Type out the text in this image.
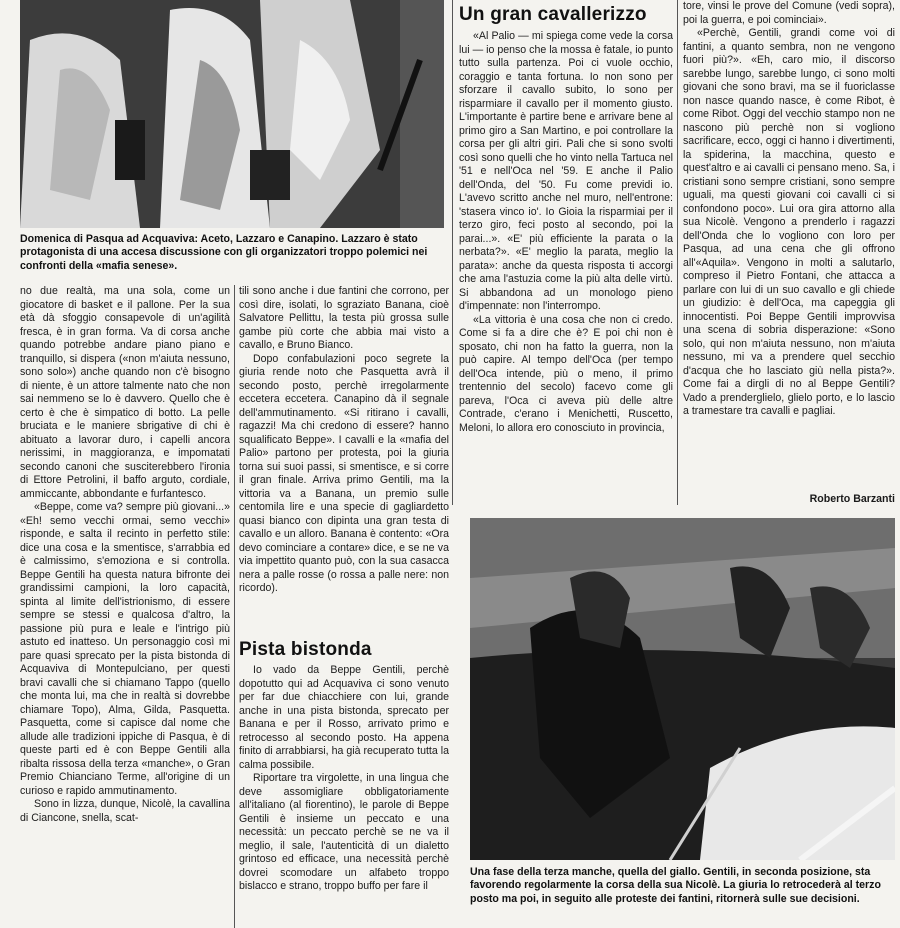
Domenica di Pasqua ad Acquaviva: Aceto, Lazzaro e Canapino. Lazzaro è stato protagonista di una accesa discussione con gli organizzatori troppo polemici nei confronti della «mafia senese».

no due realtà, ma una sola, come un giocatore di basket e il pallone. Per la sua età dà sfoggio consapevole di un'agilità fresca, è in gran forma. Va di corsa anche quando potrebbe andare piano piano e tranquillo, si dispera («non m'aiuta nessuno, sono solo») anche quando non c'è bisogno di niente, è un attore talmente nato che non sai nemmeno se lo è davvero. Quello che è certo è che è simpatico di botto. La pelle bruciata e le maniere sbrigative di chi è abituato a lavorar duro, i capelli ancora nerissimi, in maggioranza, e impomatati secondo canoni che susciterebbero l'ironia di Ettore Petrolini, il baffo arguto, cordiale, ammiccante, abbondante e furfantesco.

«Beppe, come va? sempre più giovani...» «Eh! semo vecchi ormai, semo vecchi» risponde, e salta il recinto in perfetto stile: dice una cosa e la smentisce, s'arrabbia ed è calmissimo, s'emoziona e si controlla. Beppe Gentili ha questa natura bifronte dei grandissimi campioni, la loro capacità, spinta al limite dell'istrionismo, di essere sempre se stessi e qualcosa d'altro, la passione più pura e leale e l'intrigo più astuto ed inatteso. Un personaggio così mi pare quasi sprecato per la pista bistonda di Acquaviva di Montepulciano, per questi bravi cavalli che si chiamano Tappo (quello che monta lui, ma che in realtà si dovrebbe chiamare Topo), Alma, Gilda, Pasquetta. Pasquetta, come si capisce dal nome che allude alle tradizioni ippiche di Pasqua, è di queste parti ed è con Beppe Gentili alla ribalta rissosa della terza «manche», o Gran Premio Chianciano Terme, all'origine di un curioso e rapido ammutinamento.

Sono in lizza, dunque, Nicolè, la cavallina di Ciancone, snella, scat-

tili sono anche i due fantini che corrono, per così dire, isolati, lo sgraziato Banana, cioè Salvatore Pellittu, la testa più grossa sulle gambe più corte che abbia mai visto a cavallo, e Bruno Bianco.

Dopo confabulazioni poco segrete la giuria rende noto che Pasquetta avrà il secondo posto, perchè irregolarmente eccetera eccetera. Canapino dà il segnale dell'ammutinamento. «Si ritirano i cavalli, ragazzi! Ma chi credono di essere? hanno squalificato Beppe». I cavalli e la «mafia del Palio» partono per protesta, poi la giuria torna sui suoi passi, si smentisce, e si corre il gran finale. Arriva primo Gentili, ma la vittoria va a Banana, un premio sulle centomila lire e una specie di gagliardetto quasi bianco con dipinta una gran testa di cavallo e un alloro. Banana è contento: «Ora devo cominciare a contare» dice, e se ne va via impettito quanto può, con la sua casacca nera a palle rosse (o rossa a palle nere: non ricordo).

Pista bistonda

Io vado da Beppe Gentili, perchè dopotutto qui ad Acquaviva ci sono venuto per far due chiacchiere con lui, grande anche in una pista bistonda, sprecato per Banana e per il Rosso, arrivato primo e retrocesso al secondo posto. Ha appena finito di arrabbiarsi, ha già recuperato tutta la calma possibile.

Riportare tra virgolette, in una lingua che deve assomigliare obbligatoriamente all'italiano (al fiorentino), le parole di Beppe Gentili è insieme un peccato e una necessità: un peccato perchè se ne va il meglio, il sale, l'autenticità di un dialetto grintoso ed efficace, una necessità perchè dovrei scomodare un alfabeto troppo bislacco e strano, troppo buffo per fare il

Un gran cavallerizzo

«Al Palio — mi spiega come vede la corsa lui — io penso che la mossa è fatale, io punto tutto sulla partenza. Poi ci vuole occhio, coraggio e tanta fortuna. Io non sono per sforzare il cavallo subito, lo sono per risparmiare il cavallo per il momento giusto. L'importante è partire bene e arrivare bene al primo giro a San Martino, e poi controllare la corsa per gli altri giri. Pali che si sono svolti così sono quelli che ho vinto nella Tartuca nel '51 e nell'Oca nel '59. E anche il Palio dell'Onda, del '50. Fu come previdi io. L'avevo scritto anche nel muro, nell'entrone: 'stasera vinco io'. Io Gioia la risparmiai per il terzo giro, feci posto al secondo, poi la parai...». «E' più efficiente la parata o la nerbata?». «E' meglio la parata, meglio la parata»: anche da questa risposta ti accorgi che ama l'astuzia come la più alta delle virtù. Si abbandona ad un monologo pieno d'impennate: non l'interrompo.

«La vittoria è una cosa che non ci credo. Come si fa a dire che è? E poi chi non è sposato, chi non ha fatto la guerra, non la può capire. Al tempo dell'Oca (per tempo dell'Oca intende, più o meno, il primo trentennio del secolo) facevo come gli pareva, l'Oca ci aveva più delle altre Contrade, c'erano i Menichetti, Ruscetto, Meloni, lo allora ero conosciuto in provincia,

tore, vinsi le prove del Comune (vedi sopra), poi la guerra, e poi cominciai».

«Perchè, Gentili, grandi come voi di fantini, a quanto sembra, non ne vengono fuori più?». «Eh, caro mio, il discorso sarebbe lungo, sarebbe lungo, ci sono molti giovani che sono bravi, ma se il fuoriclasse non nasce quando nasce, è come Ribot, è come Ribot. Oggi del vecchio stampo non ne nascono più perchè non si vogliono sacrificare, ecco, oggi ci hanno i divertimenti, la spiderina, la macchina, questo e quest'altro e ai cavalli ci pensano meno. Sa, i cristiani sono sempre cristiani, sono sempre uguali, ma questi giovani coi cavalli ci si confondono poco». Lui ora gira attorno alla sua Nicolè. Vengono a prenderlo i ragazzi dell'Onda che lo vogliono con loro per Pasqua, ad una cena che gli offrono all'«Aquila». Vengono in molti a salutarlo, compreso il Pietro Fontani, che attacca a parlare con lui di un suo cavallo e gli chiede un giudizio: è dell'Oca, ma capeggia gli innocentisti. Poi Beppe Gentili improvvisa una scena di sobria disperazione: «Sono solo, qui non m'aiuta nessuno, non m'aiuta nessuno, mi va a prendere quel secchio d'acqua che ho lasciato giù nella pista?». Come fai a dirgli di no al Beppe Gentili? Vado a prenderglielo, glielo porto, e lo lascio a tramestare tra cavalli e pagliai.

Roberto Barzanti
Una fase della terza manche, quella del giallo. Gentili, in seconda posizione, sta favorendo regolarmente la corsa della sua Nicolè. La giuria lo retrocederà al terzo posto ma poi, in seguito alle proteste dei fantini, ritornerà sulle sue decisioni.
